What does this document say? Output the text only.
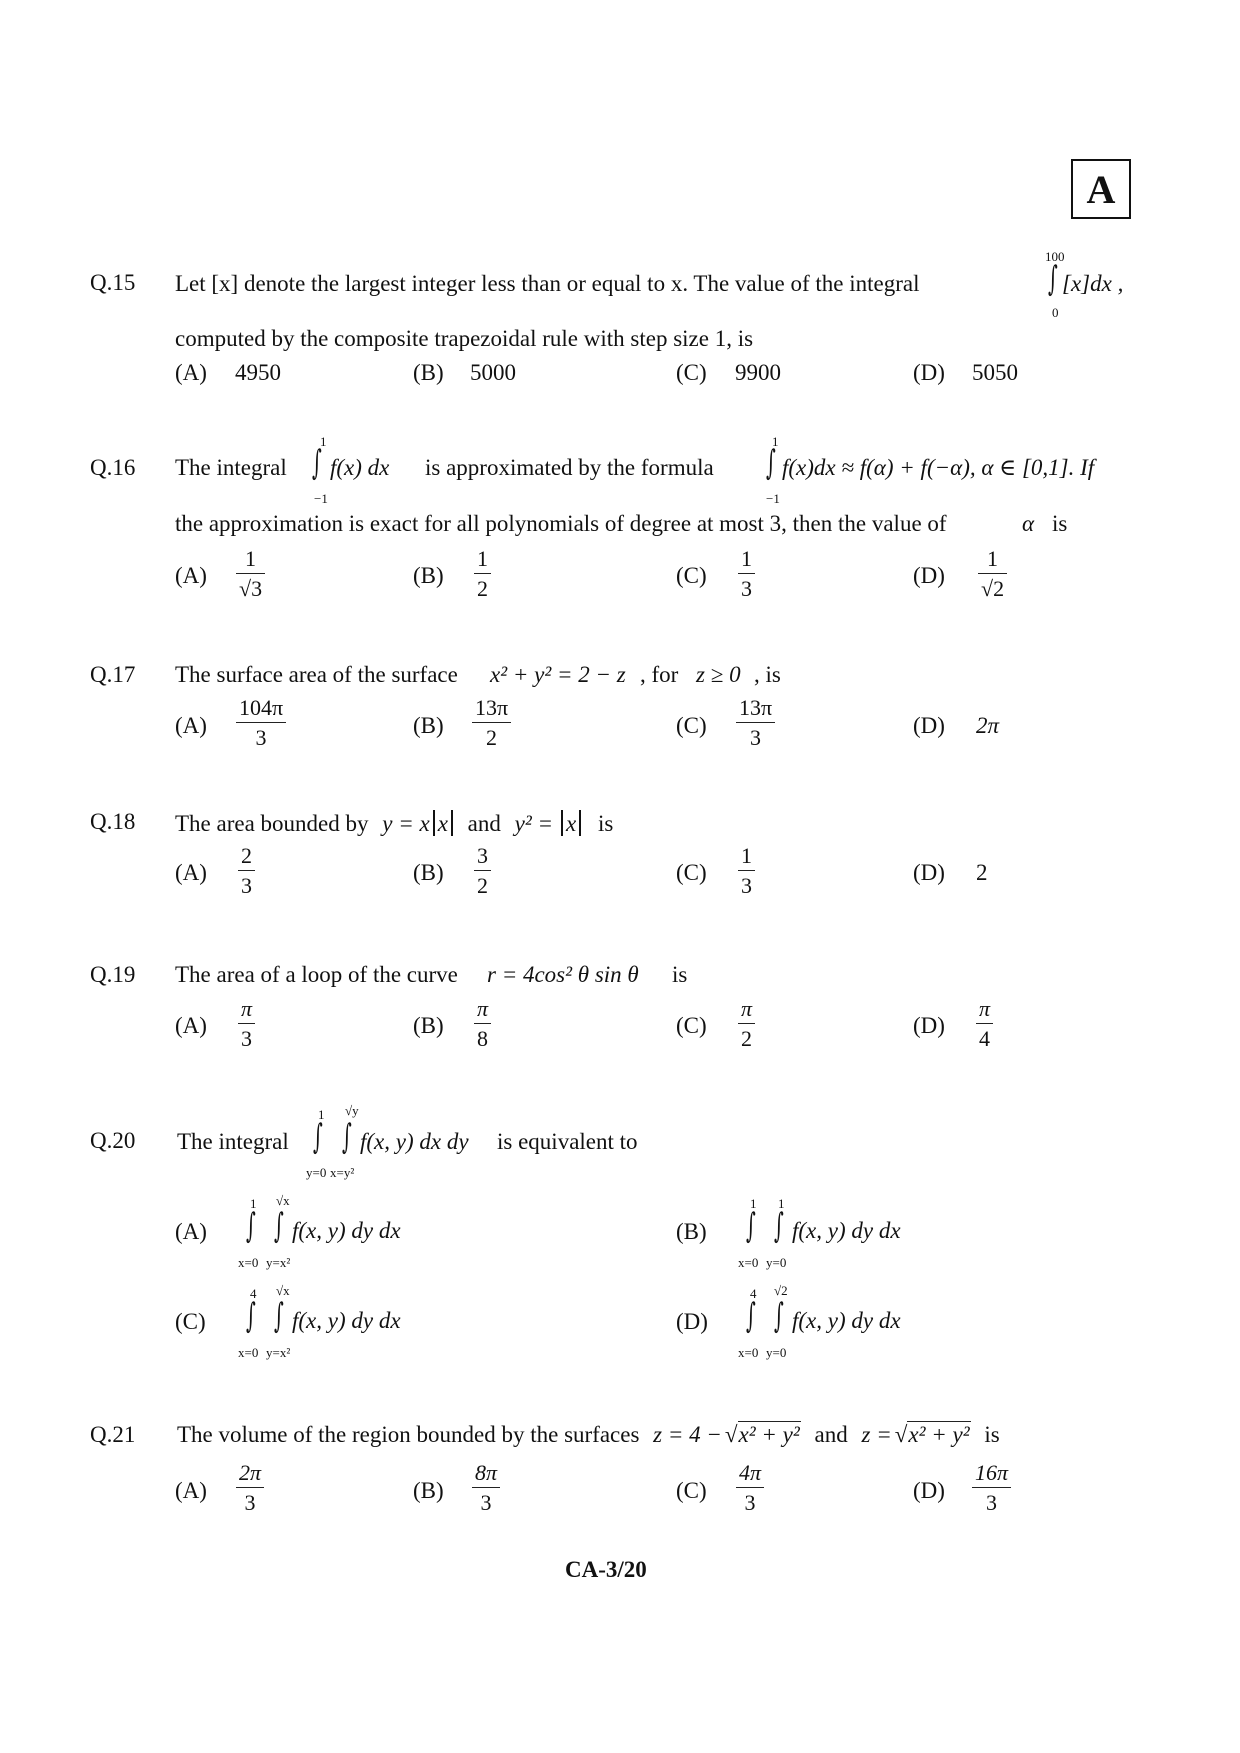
A
Q.15 Let [x] denote the largest integer less than or equal to x. The value of the integral
100
∫
0
[x]dx ,
computed by the composite trapezoidal rule with step size 1, is
(A) 4950	(B) 5000	(C) 9900	(D) 5050
Q.16 The integral
1
∫
−1
f(x) dx is approximated by the formula
1
∫
−1
f(x)dx ≈ f(α) + f(−α), α ∈ [0,1]. If
the approximation is exact for all polynomials of degree at most 3, then the value of	α is
(A)
1
√3
(B)
1
2
(C)
1
3
(D)
1
√2
Q.17 The surface area of the surface x² + y² = 2 − z , for z ≥ 0 , is
(A)
104π
3	(B)
13π
2	(C)
13π
3	(D) 2π
Q.18 The area bounded by y = x x and y² = x is
(A)
2
3
(B)
3
2
(C)
1
3
(D) 2
Q.19 The area of a loop of the curve r = 4cos² θ sin θ is
(A)
π
3
(B)
π
8
(C)
π
2
(D)
π
4
Q.20 The integral
1
∫
y=0
√y
∫
x=y²
f(x, y) dx dy is equivalent to
(A)
1
∫
x=0
√x
∫
y=x²
f(x, y) dy dx	(B)
1
∫
x=0
1
∫
y=0
f(x, y) dy dx
(C)
4
∫
x=0
√x
∫
y=x²
f(x, y) dy dx	(D)
4
∫
x=0
√2
∫
y=0
f(x, y) dy dx
Q.21 The volume of the region bounded by the surfaces z = 4 − √x² + y² and z = √x² + y² is
(A)
2π
3	(B)
8π
3	(C)
4π
3	(D)
16π
3
CA-3/20
